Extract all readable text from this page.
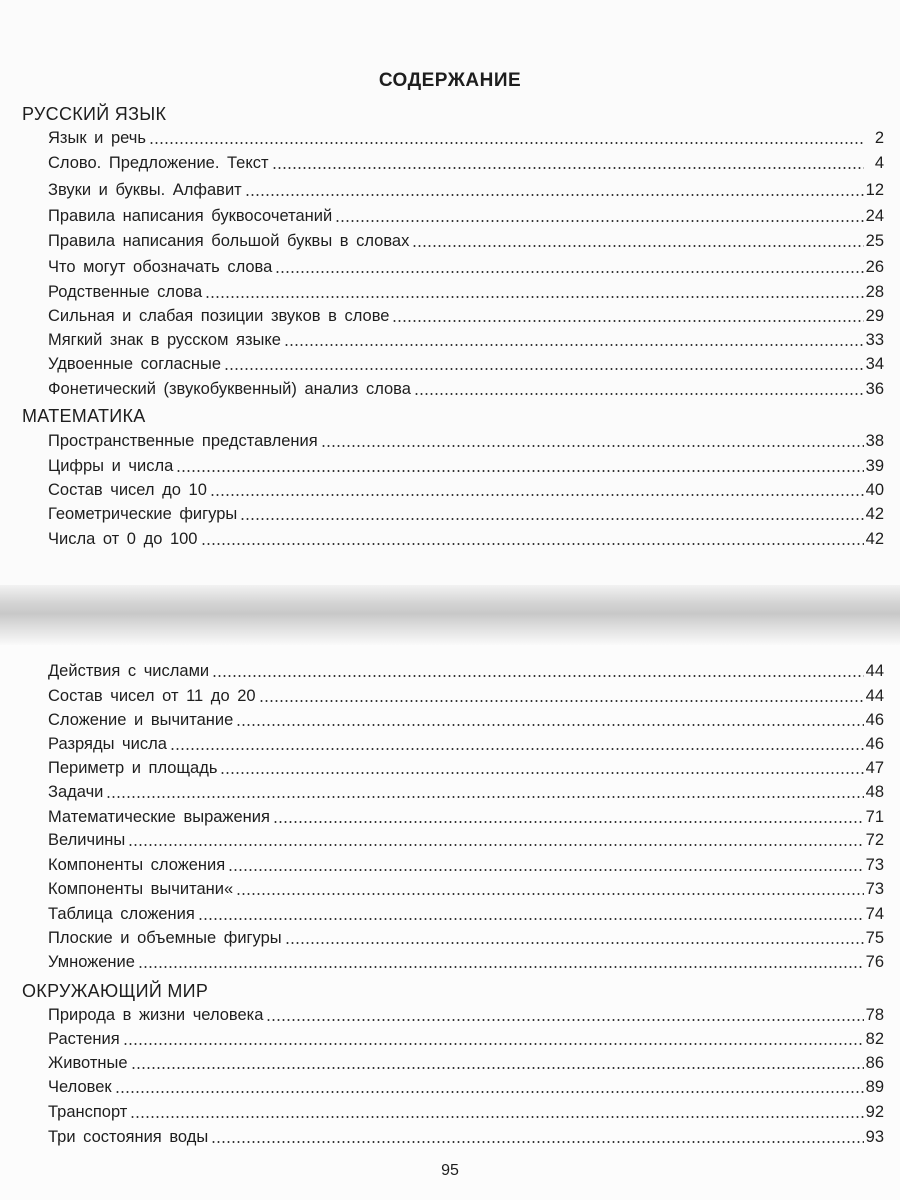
СОДЕРЖАНИЕ
РУССКИЙ ЯЗЫК
Язык и речь	2
Слово. Предложение. Текст	4
Звуки и буквы. Алфавит	12
Правила написания буквосочетаний	24
Правила написания большой буквы в словах	25
Что могут обозначать слова	26
Родственные слова	28
Сильная и слабая позиции звуков в слове	29
Мягкий знак в русском языке	33
Удвоенные согласные	34
Фонетический (звукобуквенный) анализ слова	36
МАТЕМАТИКА
Пространственные представления	38
Цифры и числа	39
Состав чисел до 10	40
Геометрические фигуры	42
Числа от 0 до 100	42
Действия с числами	44
Состав чисел от 11 до 20	44
Сложение и вычитание	46
Разряды числа	46
Периметр и площадь	47
Задачи	48
Математические выражения	71
Величины	72
Компоненты сложения	73
Компоненты вычитани«	73
Таблица сложения	74
Плоские и объемные фигуры	75
Умножение	76
ОКРУЖАЮЩИЙ МИР
Природа в жизни человека	78
Растения	82
Животные	86
Человек	89
Транспорт	92
Три состояния воды	93
95
